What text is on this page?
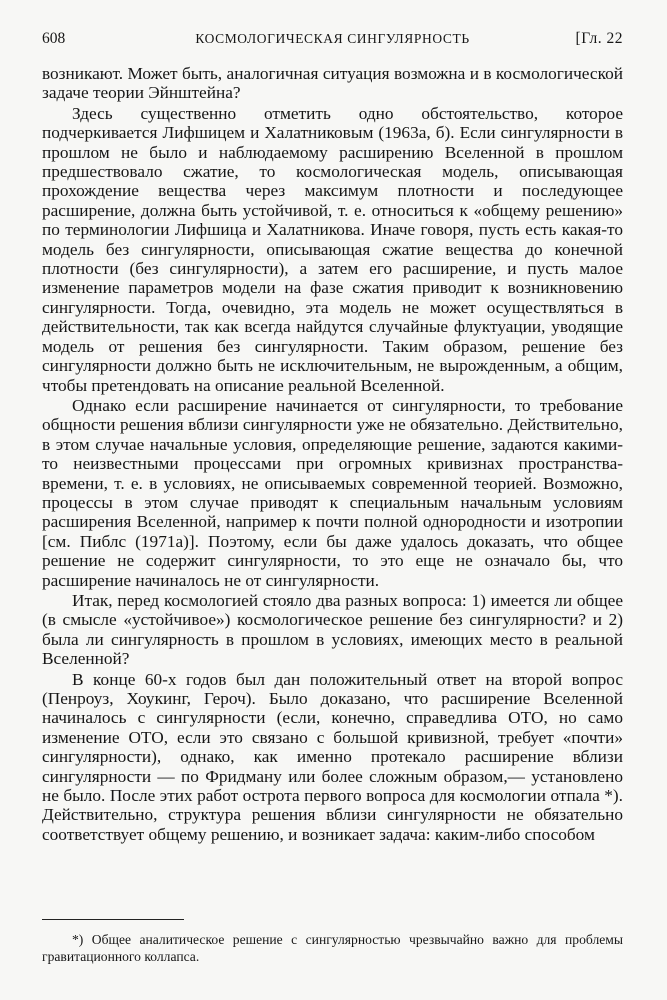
608	КОСМОЛОГИЧЕСКАЯ СИНГУЛЯРНОСТЬ	[Гл. 22

возникают. Может быть, аналогичная ситуация возможна и в космологической задаче теории Эйнштейна?

Здесь существенно отметить одно обстоятельство, которое подчеркивается Лифшицем и Халатниковым (1963а, б). Если сингулярности в прошлом не было и наблюдаемому расширению Вселенной в прошлом предшествовало сжатие, то космологическая модель, описывающая прохождение вещества через максимум плотности и последующее расширение, должна быть устойчивой, т. е. относиться к «общему решению» по терминологии Лифшица и Халатникова. Иначе говоря, пусть есть какая-то модель без сингулярности, описывающая сжатие вещества до конечной плотности (без сингулярности), а затем его расширение, и пусть малое изменение параметров модели на фазе сжатия приводит к возникновению сингулярности. Тогда, очевидно, эта модель не может осуществляться в действительности, так как всегда найдутся случайные флуктуации, уводящие модель от решения без сингулярности. Таким образом, решение без сингулярности должно быть не исключительным, не вырожденным, а общим, чтобы претендовать на описание реальной Вселенной.

Однако если расширение начинается от сингулярности, то требование общности решения вблизи сингулярности уже не обязательно. Действительно, в этом случае начальные условия, определяющие решение, задаются какими-то неизвестными процессами при огромных кривизнах пространства-времени, т. е. в условиях, не описываемых современной теорией. Возможно, процессы в этом случае приводят к специальным начальным условиям расширения Вселенной, например к почти полной однородности и изотропии [см. Пиблс (1971а)]. Поэтому, если бы даже удалось доказать, что общее решение не содержит сингулярности, то это еще не означало бы, что расширение начиналось не от сингулярности.

Итак, перед космологией стояло два разных вопроса: 1) имеется ли общее (в смысле «устойчивое») космологическое решение без сингулярности? и 2) была ли сингулярность в прошлом в условиях, имеющих место в реальной Вселенной?

В конце 60-х годов был дан положительный ответ на второй вопрос (Пенроуз, Хоукинг, Героч). Было доказано, что расширение Вселенной начиналось с сингулярности (если, конечно, справедлива ОТО, но само изменение ОТО, если это связано с большой кривизной, требует «почти» сингулярности), однако, как именно протекало расширение вблизи сингулярности — по Фридману или более сложным образом,— установлено не было. После этих работ острота первого вопроса для космологии отпала *). Действительно, структура решения вблизи сингулярности не обязательно соответствует общему решению, и возникает задача: каким-либо способом

*) Общее аналитическое решение с сингулярностью чрезвычайно важно для проблемы гравитационного коллапса.
